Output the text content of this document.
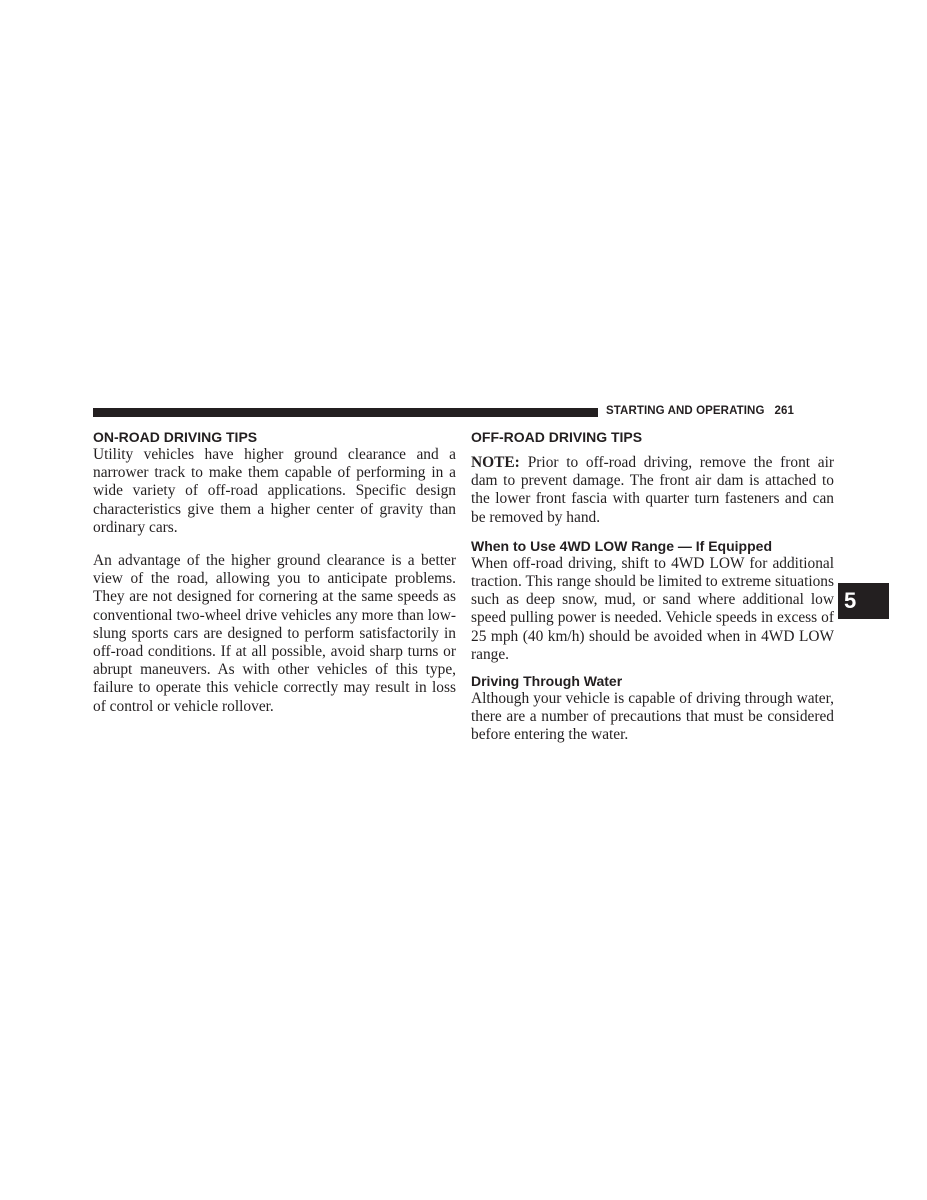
STARTING AND OPERATING 261
5
ON-ROAD DRIVING TIPS

Utility vehicles have higher ground clearance and a narrower track to make them capable of performing in a wide variety of off-road applications. Specific design characteristics give them a higher center of gravity than ordinary cars.

An advantage of the higher ground clearance is a better view of the road, allowing you to anticipate problems. They are not designed for cornering at the same speeds as conventional two-wheel drive vehicles any more than low-slung sports cars are designed to perform satisfactorily in off-road conditions. If at all possible, avoid sharp turns or abrupt maneuvers. As with other vehicles of this type, failure to operate this vehicle correctly may result in loss of control or vehicle rollover.

OFF-ROAD DRIVING TIPS

NOTE: Prior to off-road driving, remove the front air dam to prevent damage. The front air dam is attached to the lower front fascia with quarter turn fasteners and can be removed by hand.

When to Use 4WD LOW Range — If Equipped

When off-road driving, shift to 4WD LOW for additional traction. This range should be limited to extreme situations such as deep snow, mud, or sand where additional low speed pulling power is needed. Vehicle speeds in excess of 25 mph (40 km/h) should be avoided when in 4WD LOW range.

Driving Through Water

Although your vehicle is capable of driving through water, there are a number of precautions that must be considered before entering the water.
